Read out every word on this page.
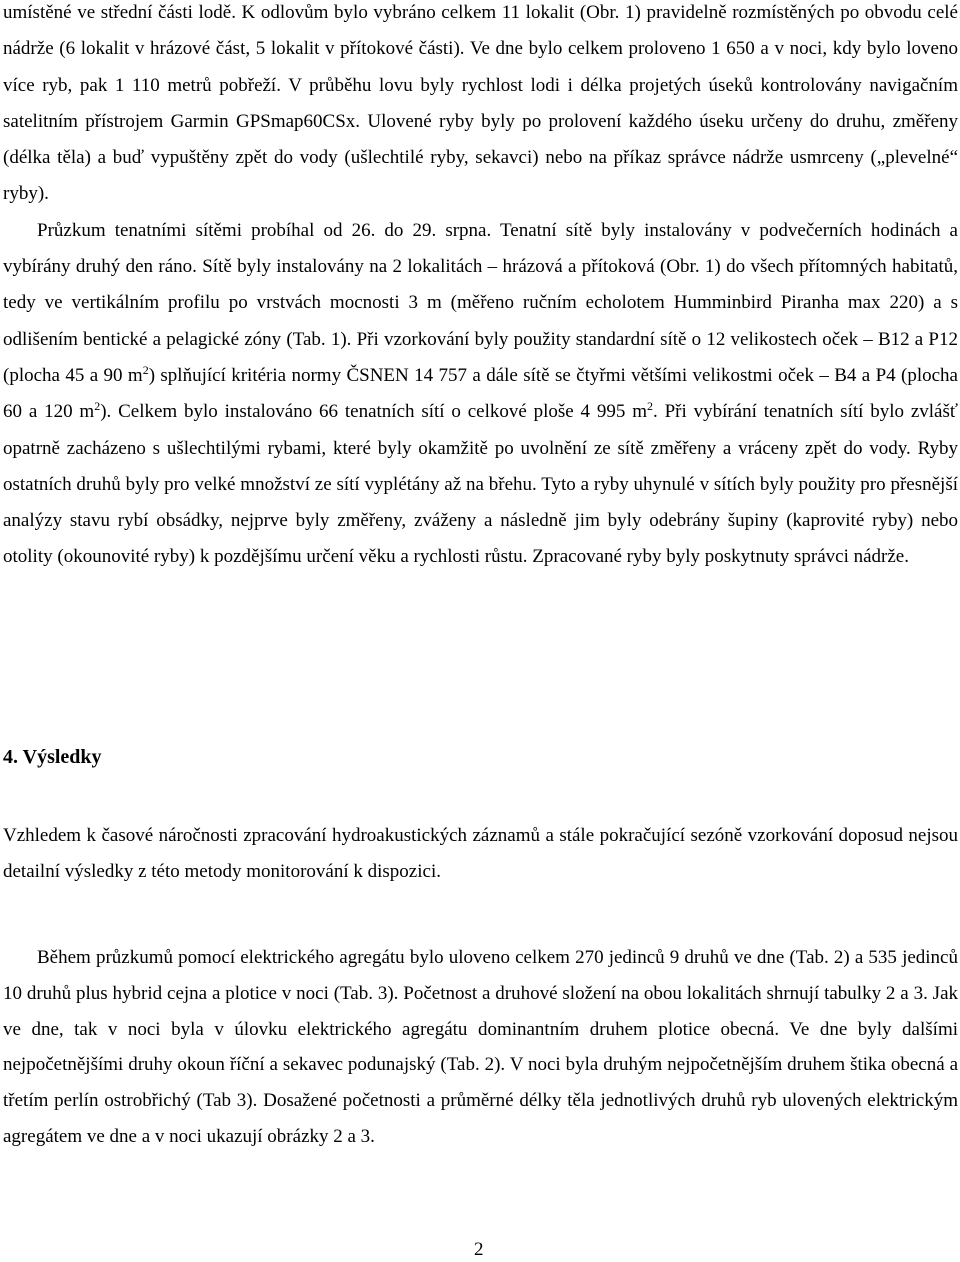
umístěné ve střední části lodě. K odlovům bylo vybráno celkem 11 lokalit (Obr. 1) pravidelně rozmístěných po obvodu celé nádrže (6 lokalit v hrázové část, 5 lokalit v přítokové části). Ve dne bylo celkem proloveno 1 650 a v noci, kdy bylo loveno více ryb, pak 1 110 metrů pobřeží. V průběhu lovu byly rychlost lodi i délka projetých úseků kontrolovány navigačním satelitním přístrojem Garmin GPSmap60CSx. Ulovené ryby byly po prolovení každého úseku určeny do druhu, změřeny (délka těla) a buď vypuštěny zpět do vody (ušlechtilé ryby, sekavci) nebo na příkaz správce nádrže usmrceny („plevelné“ ryby).
Průzkum tenatními sítěmi probíhal od 26. do 29. srpna. Tenatní sítě byly instalovány v podvečerních hodinách a vybírány druhý den ráno. Sítě byly instalovány na 2 lokalitách – hrázová a přítoková (Obr. 1) do všech přítomných habitatů, tedy ve vertikálním profilu po vrstvách mocnosti 3 m (měřeno ručním echolotem Humminbird Piranha max 220) a s odlišením bentické a pelagické zóny (Tab. 1). Při vzorkování byly použity standardní sítě o 12 velikostech oček – B12 a P12 (plocha 45 a 90 $m^2$) splňující kritéria normy ČSNEN 14 757 a dále sítě se čtyřmi většími velikostmi oček – B4 a P4 (plocha 60 a 120 $m^2$). Celkem bylo instalováno 66 tenatních sítí o celkové ploše 4 995 $m^2$. Při vybírání tenatních sítí bylo zvlášť opatrně zacházeno s ušlechtilými rybami, které byly okamžitě po uvolnění ze sítě změřeny a vráceny zpět do vody. Ryby ostatních druhů byly pro velké množství ze sítí vyplétány až na břehu. Tyto a ryby uhynulé v sítích byly použity pro přesnější analýzy stavu rybí obsádky, nejprve byly změřeny, zváženy a následně jim byly odebrány šupiny (kaprovité ryby) nebo otolity (okounovité ryby) k pozdějšímu určení věku a rychlosti růstu. Zpracované ryby byly poskytnuty správci nádrže.

4. Výsledky

Vzhledem k časové náročnosti zpracování hydroakustických záznamů a stále pokračující sezóně vzorkování doposud nejsou detailní výsledky z této metody monitorování k dispozici.

Během průzkumů pomocí elektrického agregátu bylo uloveno celkem 270 jedinců 9 druhů ve dne (Tab. 2) a 535 jedinců 10 druhů plus hybrid cejna a plotice v noci (Tab. 3). Početnost a druhové složení na obou lokalitách shrnují tabulky 2 a 3. Jak ve dne, tak v noci byla v úlovku elektrického agregátu dominantním druhem plotice obecná. Ve dne byly dalšími nejpočetnějšími druhy okoun říční a sekavec podunajský (Tab. 2). V noci byla druhým nejpočetnějším druhem štika obecná a třetím perlín ostrobřichý (Tab 3). Dosažené početnosti a průměrné délky těla jednotlivých druhů ryb ulovených elektrickým agregátem ve dne a v noci ukazují obrázky 2 a 3.

2
